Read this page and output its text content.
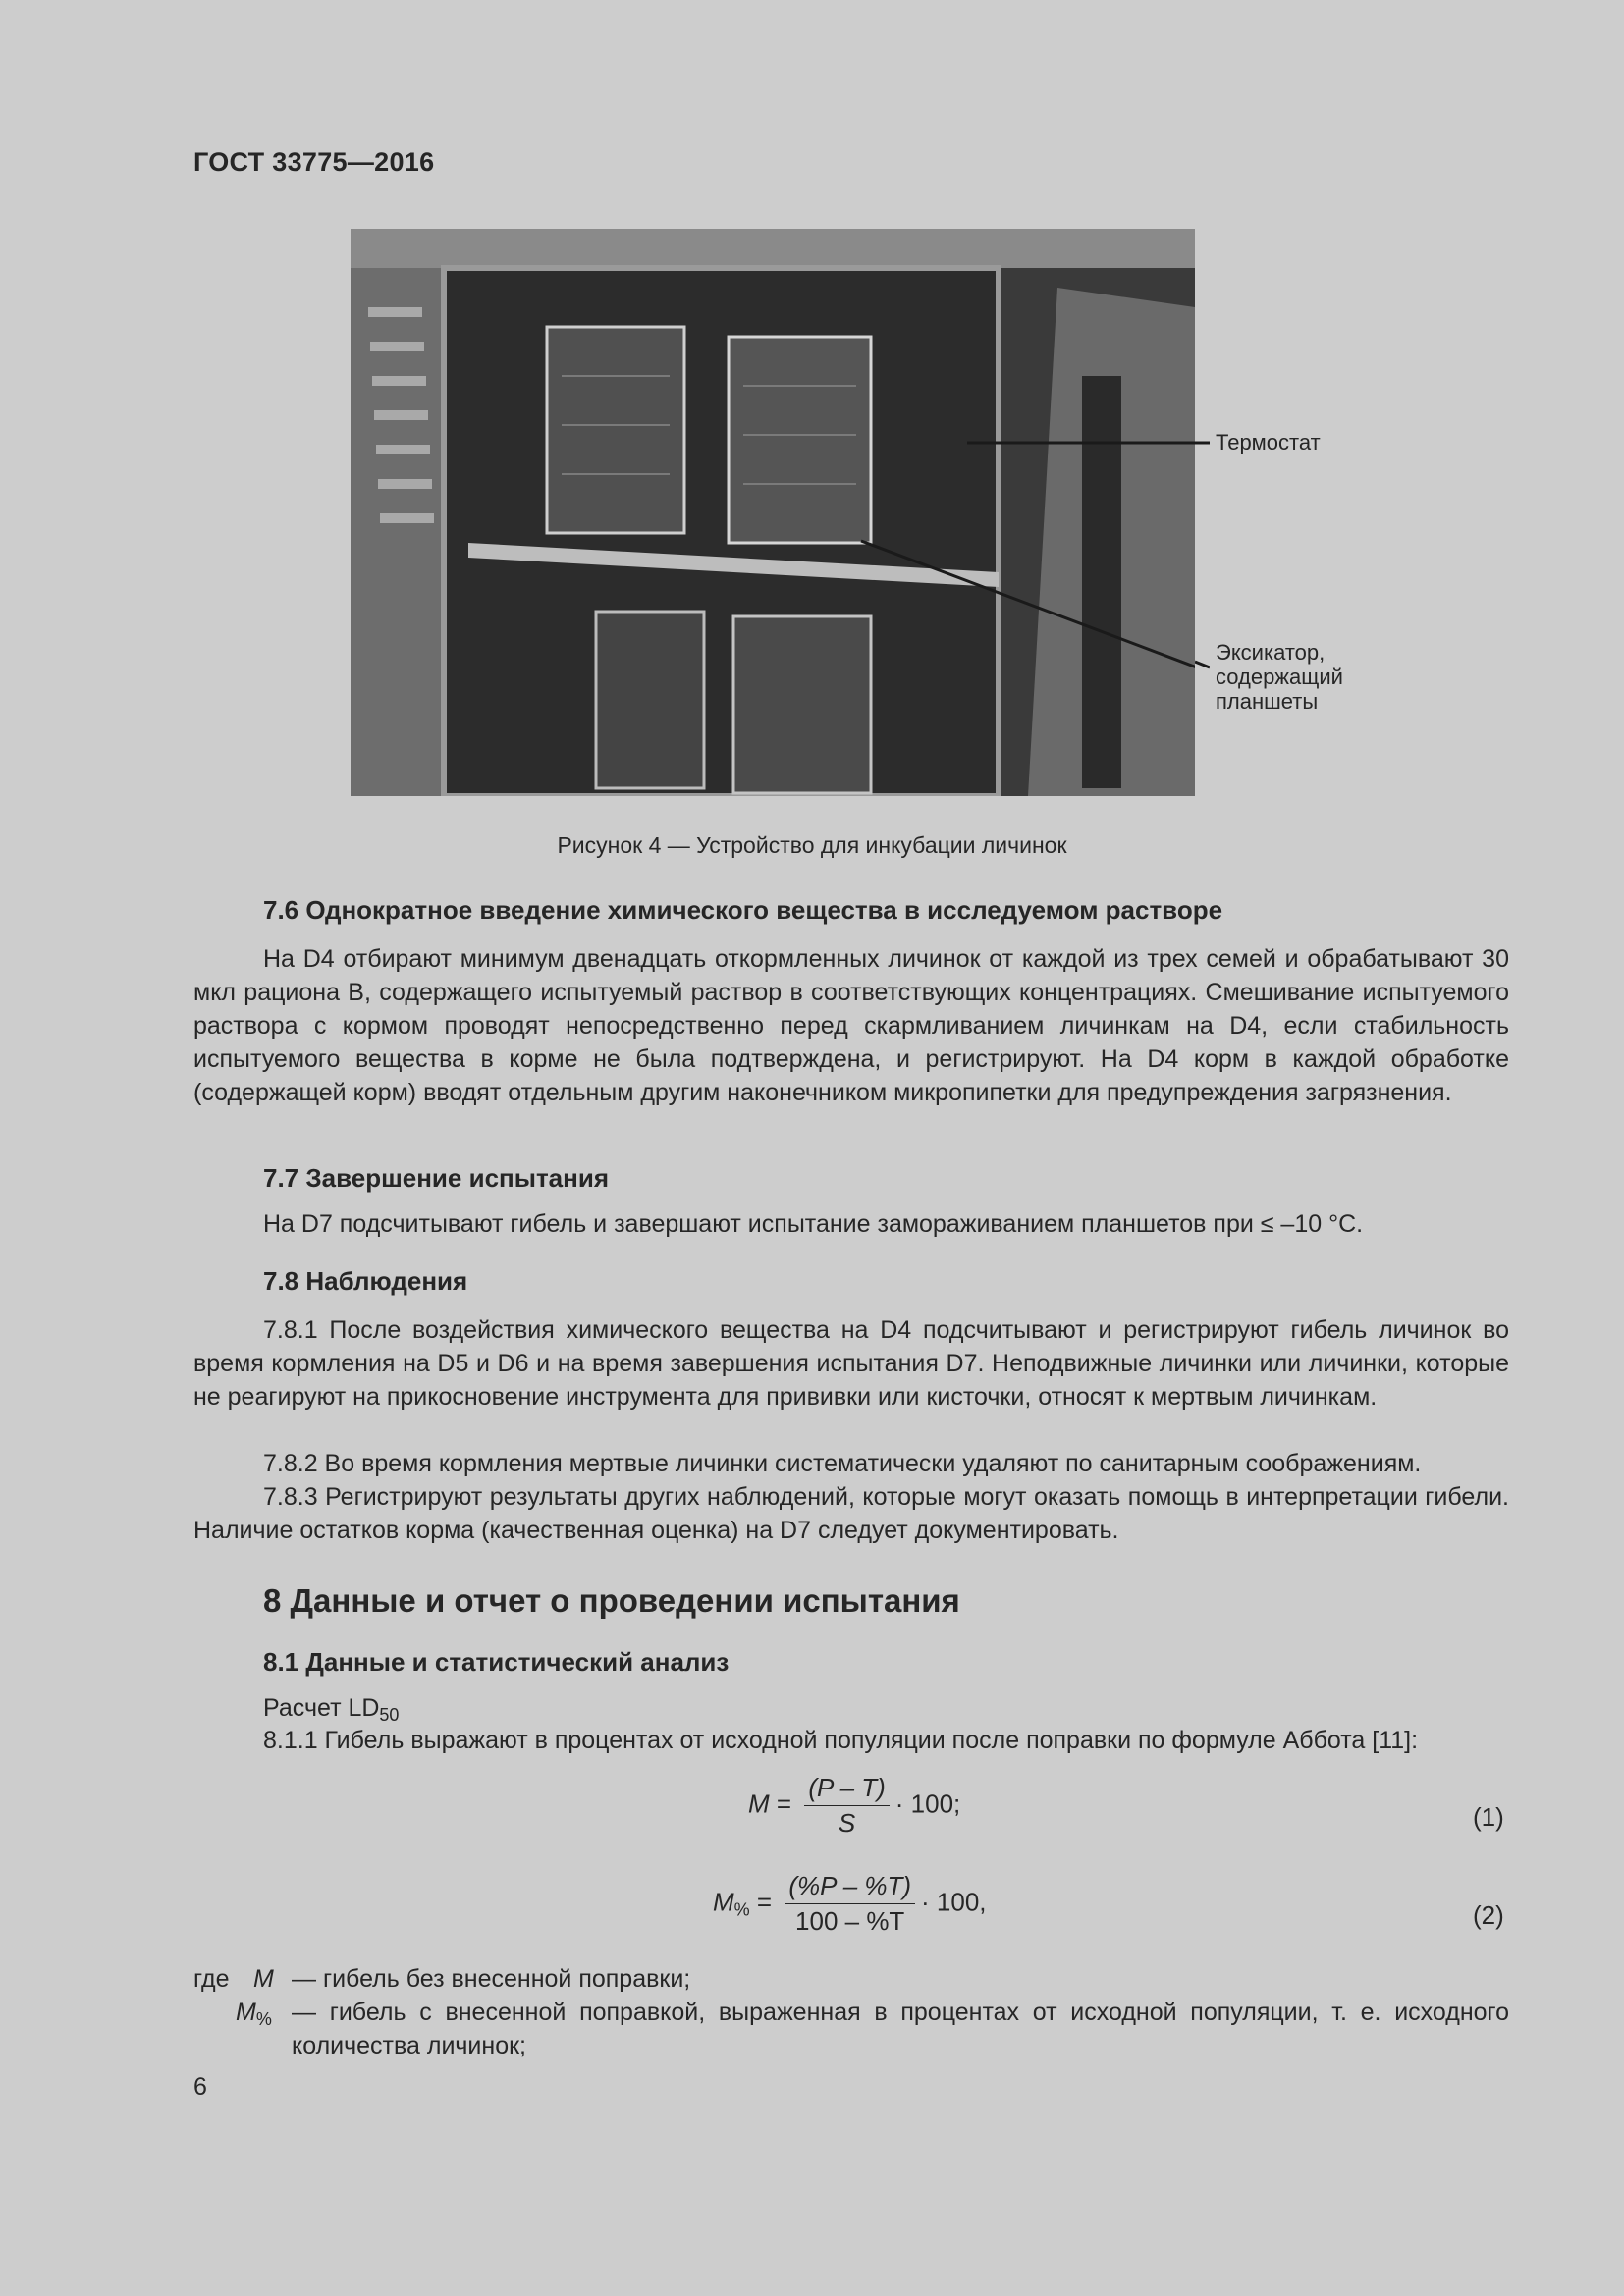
ГОСТ 33775—2016
Термостат
Эксикатор,
содержащий
планшеты
Рисунок 4 — Устройство для инкубации личинок
7.6 Однократное введение химического вещества в исследуемом растворе
На D4 отбирают минимум двенадцать откормленных личинок от каждой из трех семей и обрабатывают 30 мкл рациона В, содержащего испытуемый раствор в соответствующих концентрациях. Смешивание испытуемого раствора с кормом проводят непосредственно перед скармливанием личинкам на D4, если стабильность испытуемого вещества в корме не была подтверждена, и регистрируют. На D4 корм в каждой обработке (содержащей корм) вводят отдельным другим наконечником микропипетки для предупреждения загрязнения.
7.7 Завершение испытания
На D7 подсчитывают гибель и завершают испытание замораживанием планшетов при ≤ –10 °С.
7.8 Наблюдения
7.8.1 После воздействия химического вещества на D4 подсчитывают и регистрируют гибель личинок во время кормления на D5 и D6 и на время завершения испытания D7. Неподвижные личинки или личинки, которые не реагируют на прикосновение инструмента для прививки или кисточки, относят к мертвым личинкам.
7.8.2 Во время кормления мертвые личинки систематически удаляют по санитарным соображениям.
7.8.3 Регистрируют результаты других наблюдений, которые могут оказать помощь в интерпретации гибели. Наличие остатков корма (качественная оценка) на D7 следует документировать.
8 Данные и отчет о проведении испытания
8.1 Данные и статистический анализ
Расчет $LD_{50}$
8.1.1 Гибель выражают в процентах от исходной популяции после поправки по формуле Аббота [11]:
$M = \frac{(P - T)}{S} \cdot 100$;	(1)
$M_{\%} = \frac{(\%P - \%T)}{100 - \%T} \cdot 100$,	(2)
где M — гибель без внесенной поправки;
$M_{\%}$ — гибель с внесенной поправкой, выраженная в процентах от исходной популяции, т. е. исходного количества личинок;
6
